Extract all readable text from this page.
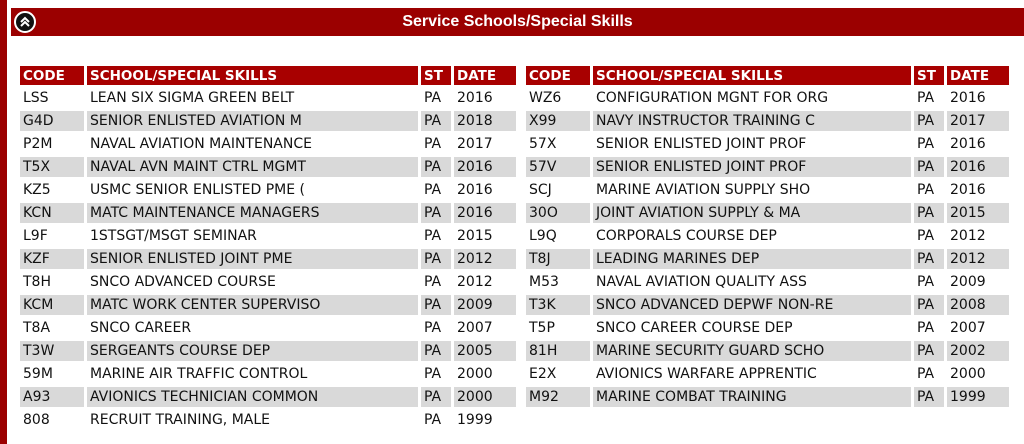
Service Schools/Special Skills
CODE	SCHOOL/SPECIAL SKILLS	ST	DATE
LSS	LEAN SIX SIGMA GREEN BELT	PA	2016
G4D	SENIOR ENLISTED AVIATION M	PA	2018
P2M	NAVAL AVIATION MAINTENANCE	PA	2017
T5X	NAVAL AVN MAINT CTRL MGMT	PA	2016
KZ5	USMC SENIOR ENLISTED PME (	PA	2016
KCN	MATC MAINTENANCE MANAGERS	PA	2016
L9F	1STSGT/MSGT SEMINAR	PA	2015
KZF	SENIOR ENLISTED JOINT PME	PA	2012
T8H	SNCO ADVANCED COURSE	PA	2012
KCM	MATC WORK CENTER SUPERVISO	PA	2009
T8A	SNCO CAREER	PA	2007
T3W	SERGEANTS COURSE DEP	PA	2005
59M	MARINE AIR TRAFFIC CONTROL	PA	2000
A93	AVIONICS TECHNICIAN COMMON	PA	2000
808	RECRUIT TRAINING, MALE	PA	1999
CODE	SCHOOL/SPECIAL SKILLS	ST	DATE
WZ6	CONFIGURATION MGNT FOR ORG	PA	2016
X99	NAVY INSTRUCTOR TRAINING C	PA	2017
57X	SENIOR ENLISTED JOINT PROF	PA	2016
57V	SENIOR ENLISTED JOINT PROF	PA	2016
SCJ	MARINE AVIATION SUPPLY SHO	PA	2016
30O	JOINT AVIATION SUPPLY & MA	PA	2015
L9Q	CORPORALS COURSE DEP	PA	2012
T8J	LEADING MARINES DEP	PA	2012
M53	NAVAL AVIATION QUALITY ASS	PA	2009
T3K	SNCO ADVANCED DEPWF NON-RE	PA	2008
T5P	SNCO CAREER COURSE DEP	PA	2007
81H	MARINE SECURITY GUARD SCHO	PA	2002
E2X	AVIONICS WARFARE APPRENTIC	PA	2000
M92	MARINE COMBAT TRAINING	PA	1999
